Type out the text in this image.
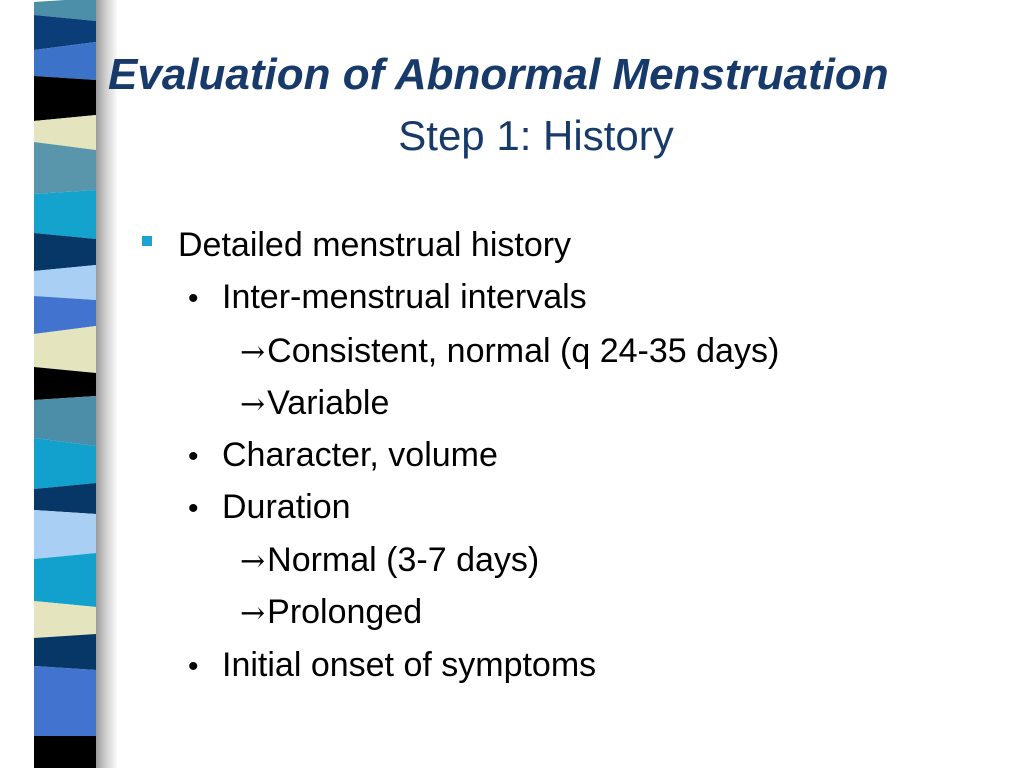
Evaluation of Abnormal Menstruation
Step 1: History
Detailed menstrual history
• Inter-menstrual intervals
→ Consistent, normal (q 24-35 days)
→ Variable
• Character, volume
• Duration
→ Normal (3-7 days)
→ Prolonged
• Initial onset of symptoms
